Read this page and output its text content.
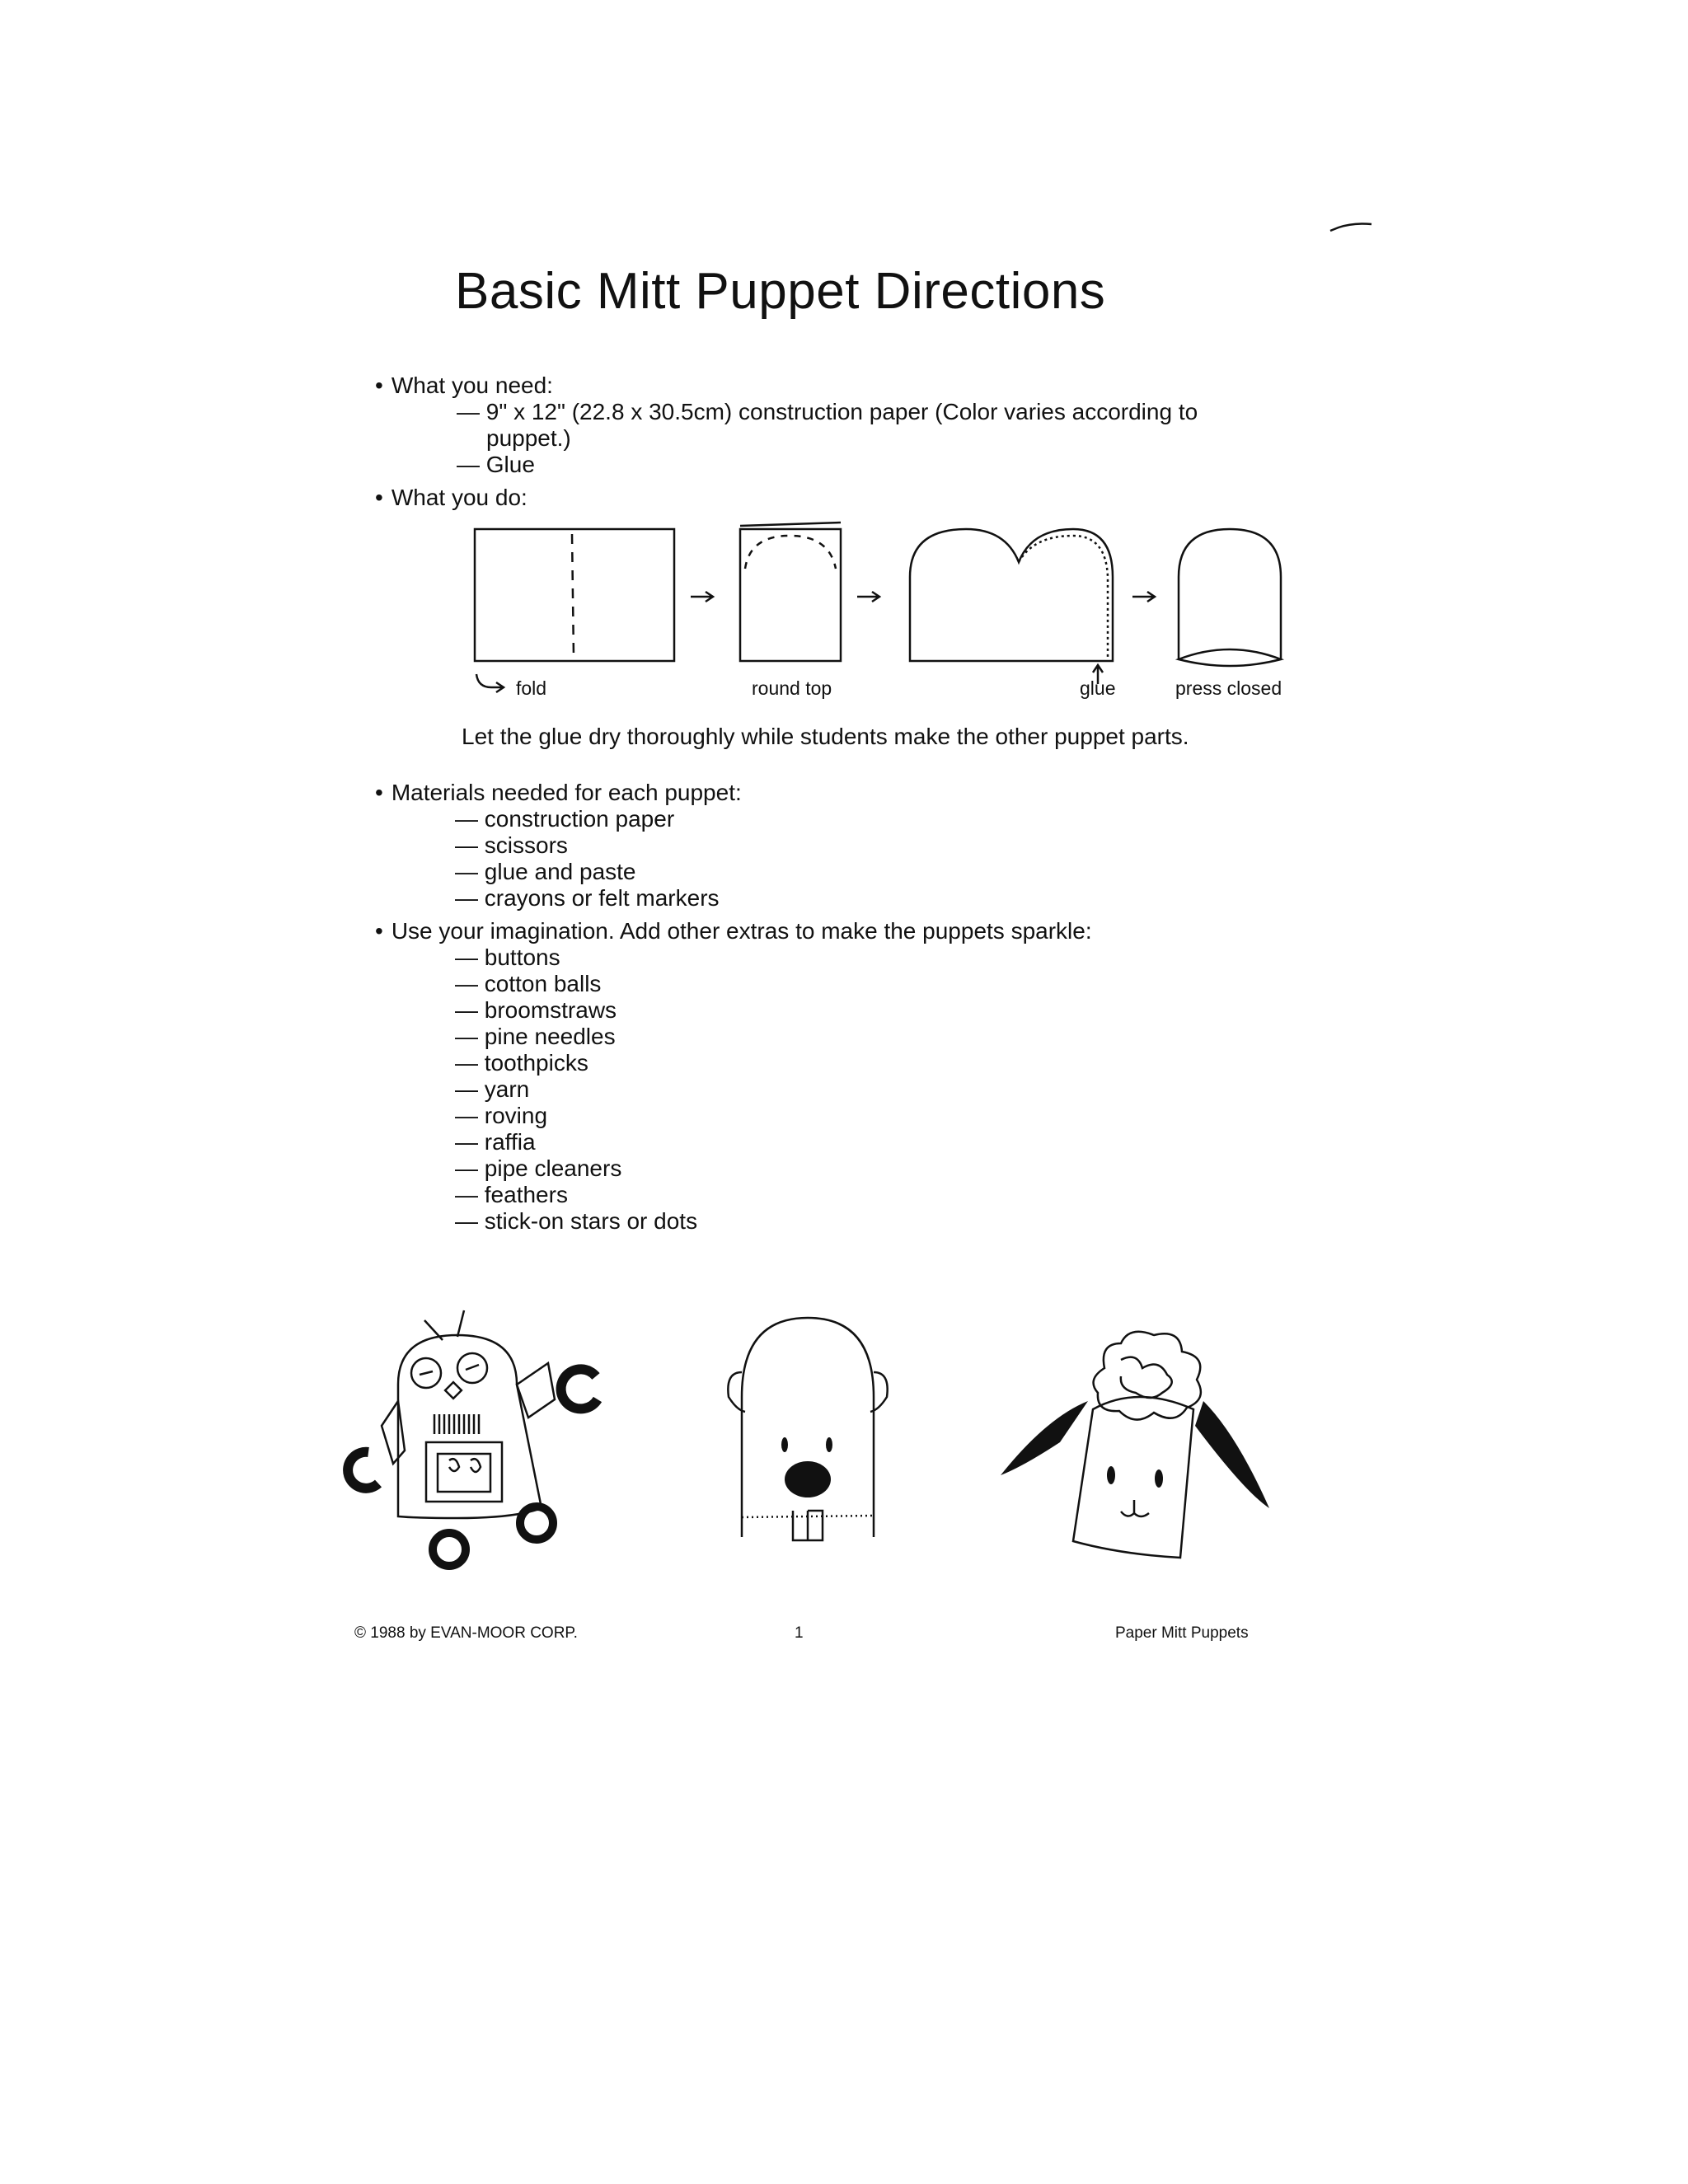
Basic Mitt Puppet Directions
• What you need:
— 9" x 12" (22.8 x 30.5cm) construction paper (Color varies according to
puppet.)
— Glue
• What you do:
fold	round top	glue	press closed
Let the glue dry thoroughly while students make the other puppet parts.
• Materials needed for each puppet:
— construction paper
— scissors
— glue and paste
— crayons or felt markers
• Use your imagination. Add other extras to make the puppets sparkle:
— buttons
— cotton balls
— broomstraws
— pine needles
— toothpicks
— yarn
— roving
— raffia
— pipe cleaners
— feathers
— stick-on stars or dots
© 1988 by EVAN-MOOR CORP.	1	Paper Mitt Puppets
